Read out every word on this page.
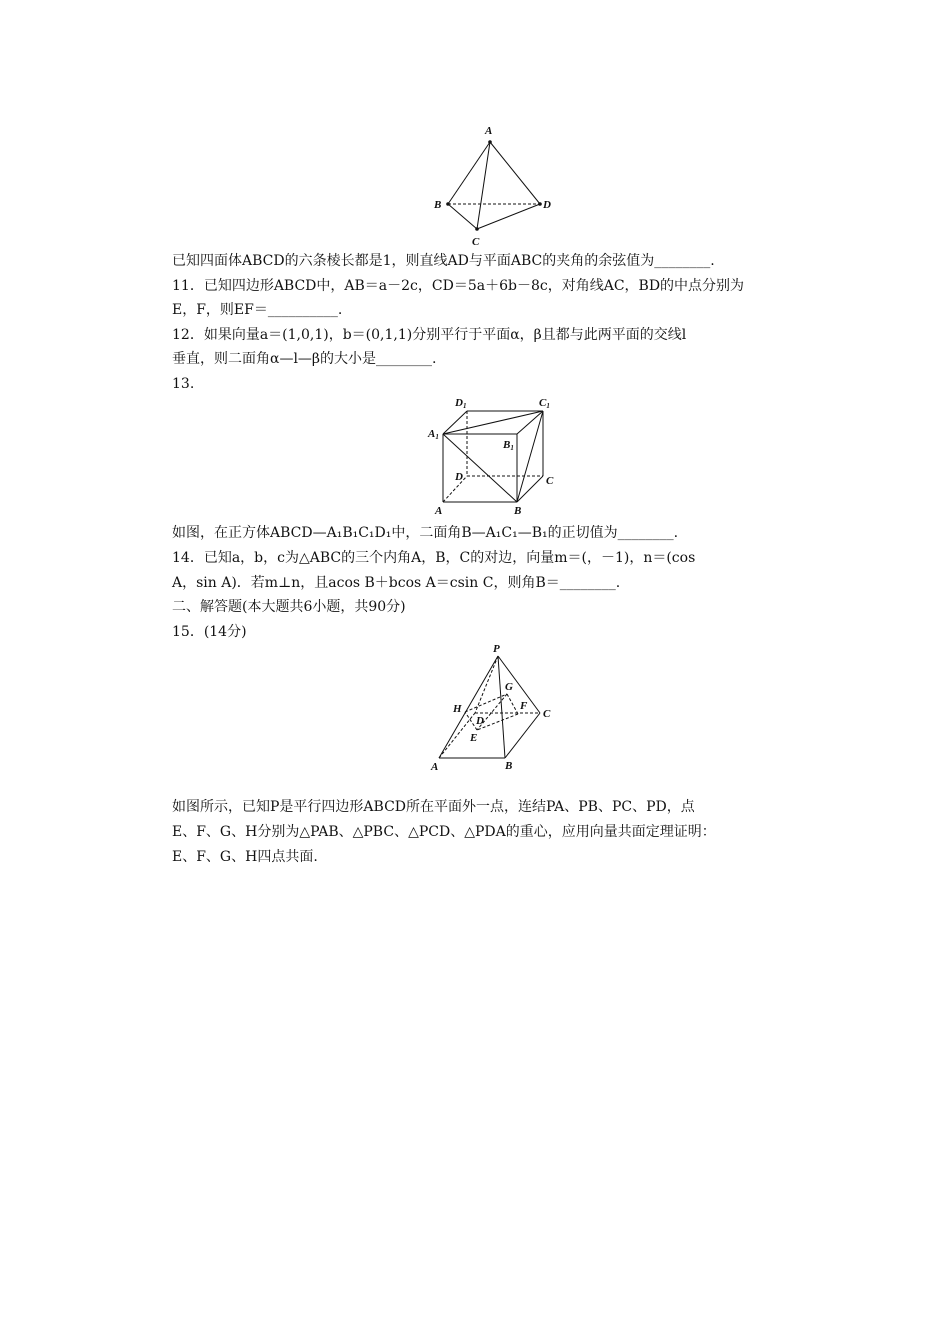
A
B	D
C
D1	C1
A1
B1
D	C
A	B
P
G
H	F
C
D
E
A	B
已知四面体ABCD的六条棱长都是1，则直线AD与平面ABC的夹角的余弦值为________.
11．已知四边形ABCD中，AB＝a－2c，CD＝5a＋6b－8c，对角线AC，BD的中点分别为
E，F，则EF＝__________.
12．如果向量a＝(1,0,1)，b＝(0,1,1)分别平行于平面α，β且都与此两平面的交线l
垂直，则二面角α—l—β的大小是________.
13.
如图，在正方体ABCD—A₁B₁C₁D₁中，二面角B—A₁C₁—B₁的正切值为________.
14．已知a，b，c为△ABC的三个内角A，B，C的对边，向量m＝(，－1)，n＝(cos
A，sin A)．若m⊥n，且acos B＋bcos A＝csin C，则角B＝________.
二、解答题(本大题共6小题，共90分)
15．(14分)
如图所示，已知P是平行四边形ABCD所在平面外一点，连结PA、PB、PC、PD，点
E、F、G、H分别为△PAB、△PBC、△PCD、△PDA的重心，应用向量共面定理证明：
E、F、G、H四点共面.
